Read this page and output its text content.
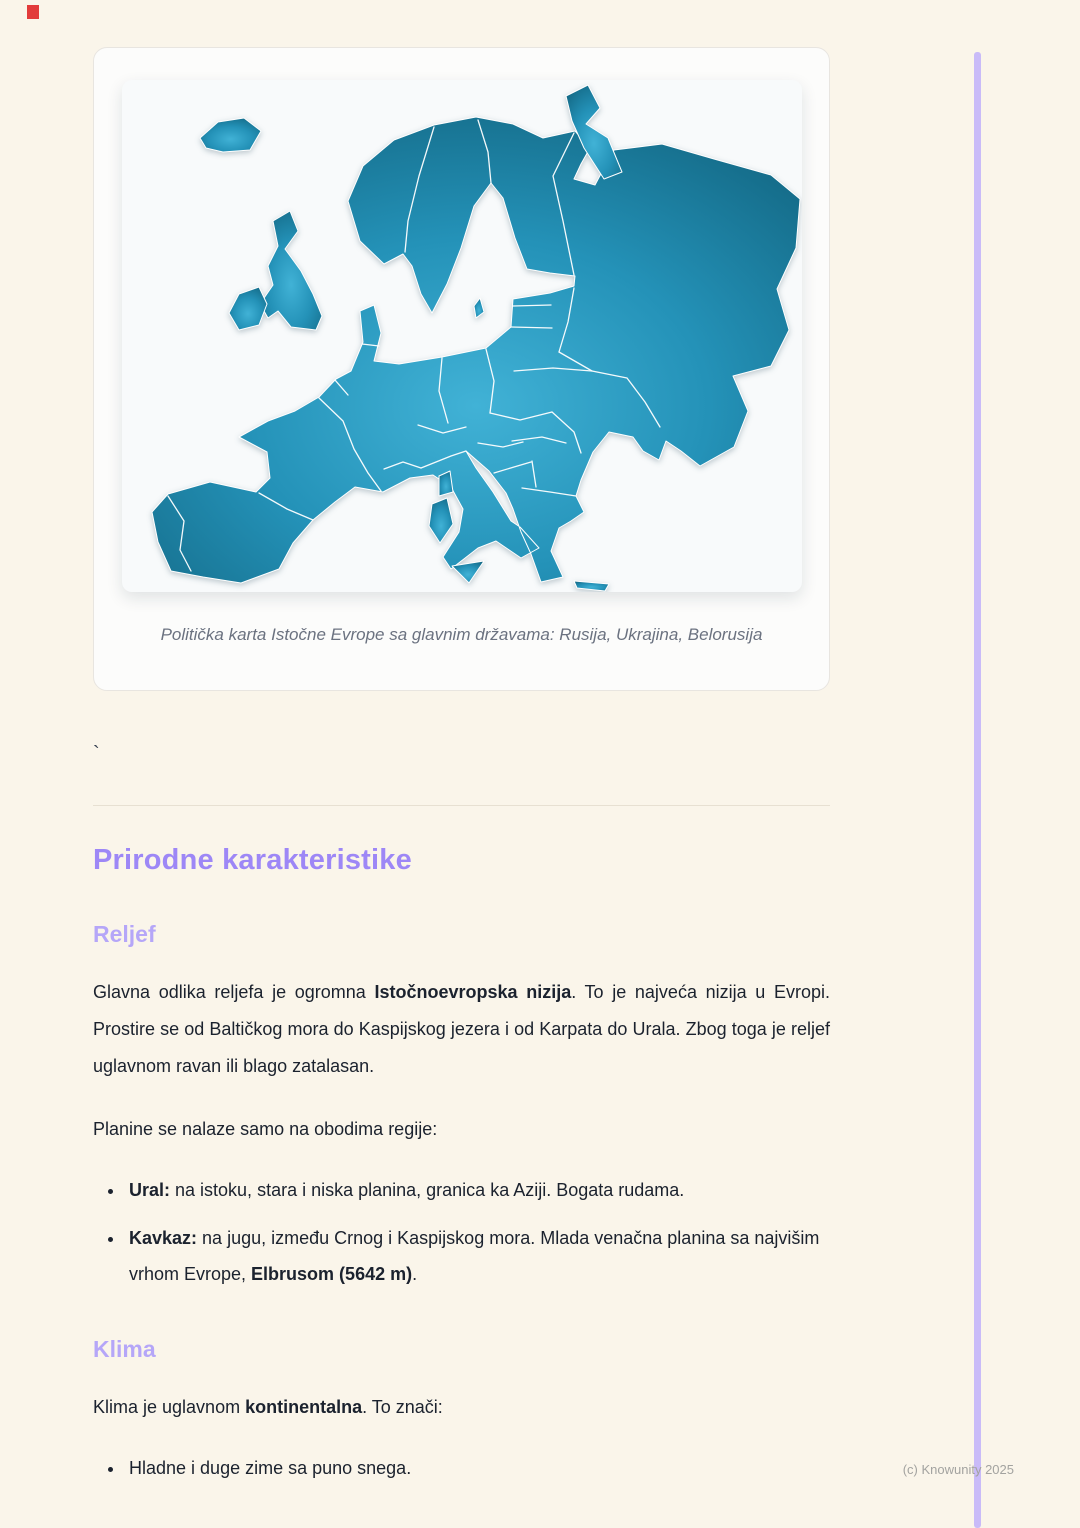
Politička karta Istočne Evrope sa glavnim državama: Rusija, Ukrajina, Belorusija
`
Prirodne karakteristike
Reljef

Glavna odlika reljefa je ogromna Istočnoevropska nizija. To je najveća nizija u Evropi. Prostire se od Baltičkog mora do Kaspijskog jezera i od Karpata do Urala. Zbog toga je reljef uglavnom ravan ili blago zatalasan.

Planine se nalaze samo na obodima regije:

• Ural: na istoku, stara i niska planina, granica ka Aziji. Bogata rudama.
• Kavkaz: na jugu, između Crnog i Kaspijskog mora. Mlada venačna planina sa najvišim vrhom Evrope, Elbrusom (5642 m).
Klima

Klima je uglavnom kontinentalna. To znači:

• Hladne i duge zime sa puno snega.	(c) Knowunity 2025
